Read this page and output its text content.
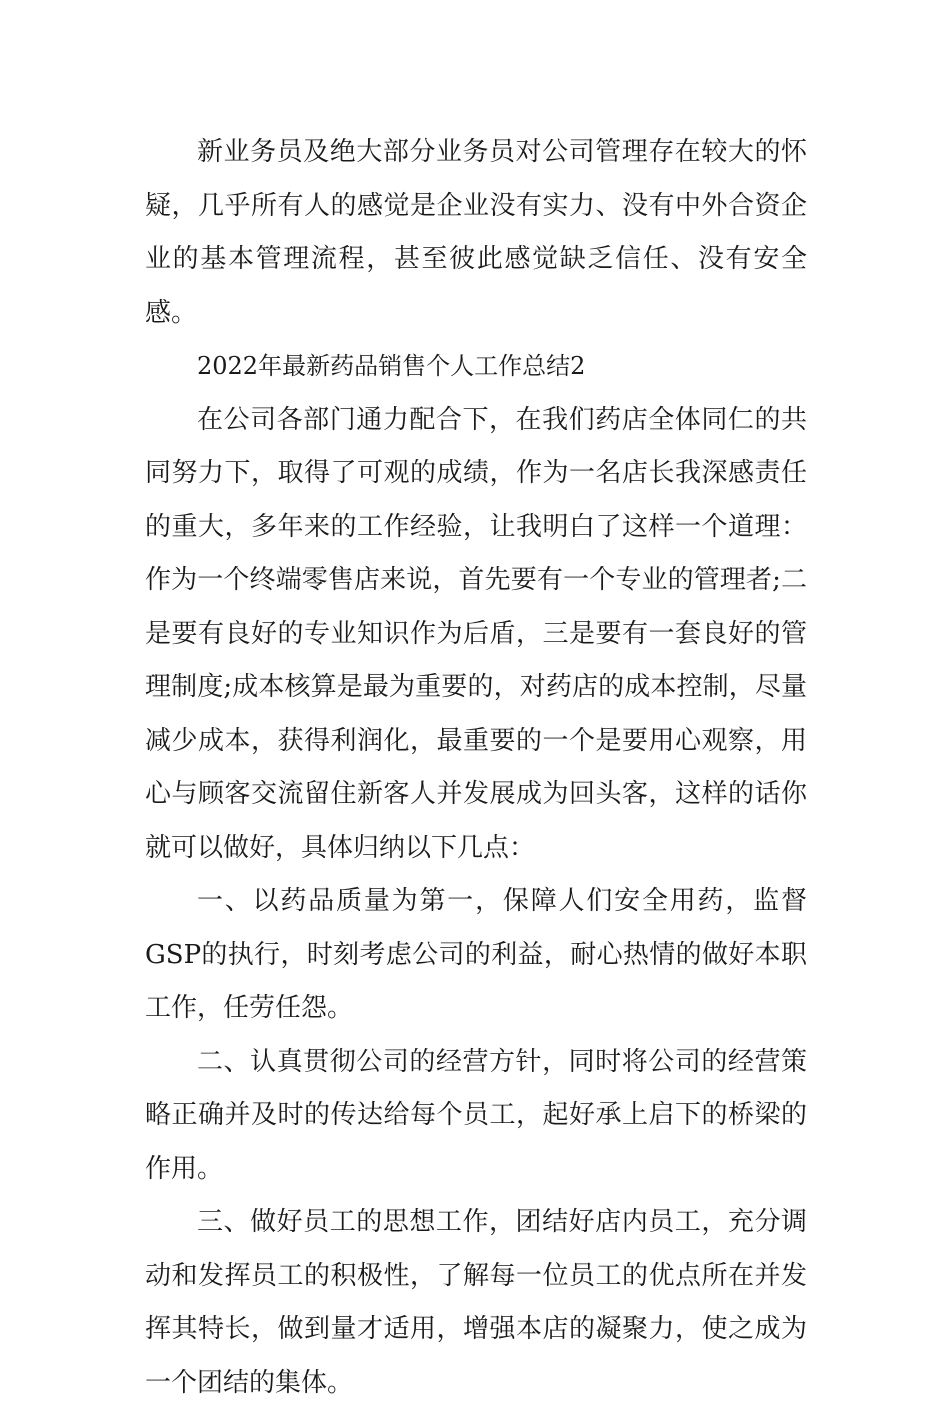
新业务员及绝大部分业务员对公司管理存在较大的怀疑，几乎所有人的感觉是企业没有实力、没有中外合资企业的基本管理流程，甚至彼此感觉缺乏信任、没有安全感。

2022年最新药品销售个人工作总结2

在公司各部门通力配合下，在我们药店全体同仁的共同努力下，取得了可观的成绩，作为一名店长我深感责任的重大，多年来的工作经验，让我明白了这样一个道理：作为一个终端零售店来说，首先要有一个专业的管理者;二是要有良好的专业知识作为后盾，三是要有一套良好的管理制度;成本核算是最为重要的，对药店的成本控制，尽量减少成本，获得利润化，最重要的一个是要用心观察，用心与顾客交流留住新客人并发展成为回头客，这样的话你就可以做好，具体归纳以下几点：

一、以药品质量为第一，保障人们安全用药，监督GSP的执行，时刻考虑公司的利益，耐心热情的做好本职工作，任劳任怨。

二、认真贯彻公司的经营方针，同时将公司的经营策略正确并及时的传达给每个员工，起好承上启下的桥梁的作用。

三、做好员工的思想工作，团结好店内员工，充分调动和发挥员工的积极性，了解每一位员工的优点所在并发挥其特长，做到量才适用，增强本店的凝聚力，使之成为一个团结的集体。
